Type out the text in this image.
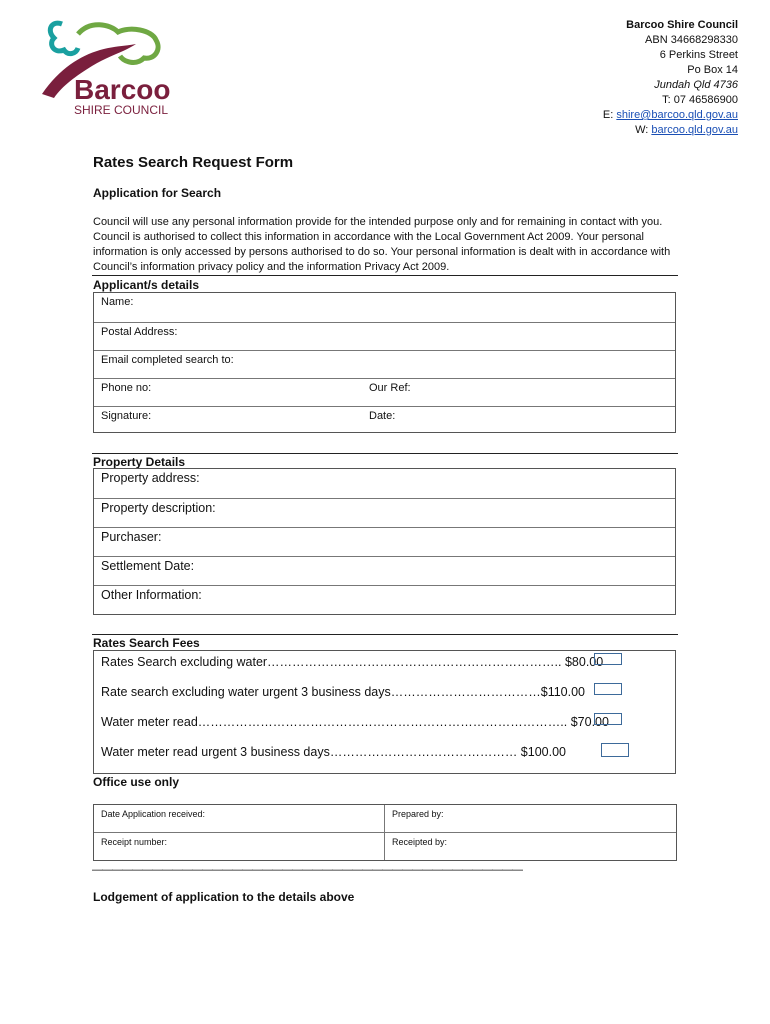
Barcoo
SHIRE COUNCIL
Barcoo Shire Council
ABN 34668298330
6 Perkins Street
Po Box 14
Jundah Qld 4736
T: 07 46586900
E: shire@barcoo.qld.gov.au
W: barcoo.qld.gov.au
Rates Search Request Form
Application for Search
Council will use any personal information provide for the intended purpose only and for remaining in contact with you. Council is authorised to collect this information in accordance with the Local Government Act 2009. Your personal information is only accessed by persons authorised to do so. Your personal information is dealt with in accordance with Council’s information privacy policy and the information Privacy Act 2009.
Applicant/s details
Name:
Postal Address:
Email completed search to:
Phone no:	Our Ref:
Signature:	Date:
Property Details
Property address:
Property description:
Purchaser:
Settlement Date:
Other Information:
Rates Search Fees
Rates Search excluding water…………………………………………………………….. $80.00
Rate search excluding water urgent 3 business days………………………………$110.00
Water meter read…………………………………………………………………………….. $70.00
Water meter read urgent 3 business days……………………………………… $100.00
Office use only
Date Application received:	Prepared by:
Receipt number:	Receipted by:
———————————————————————————————————————————
Lodgement of application to the details above
